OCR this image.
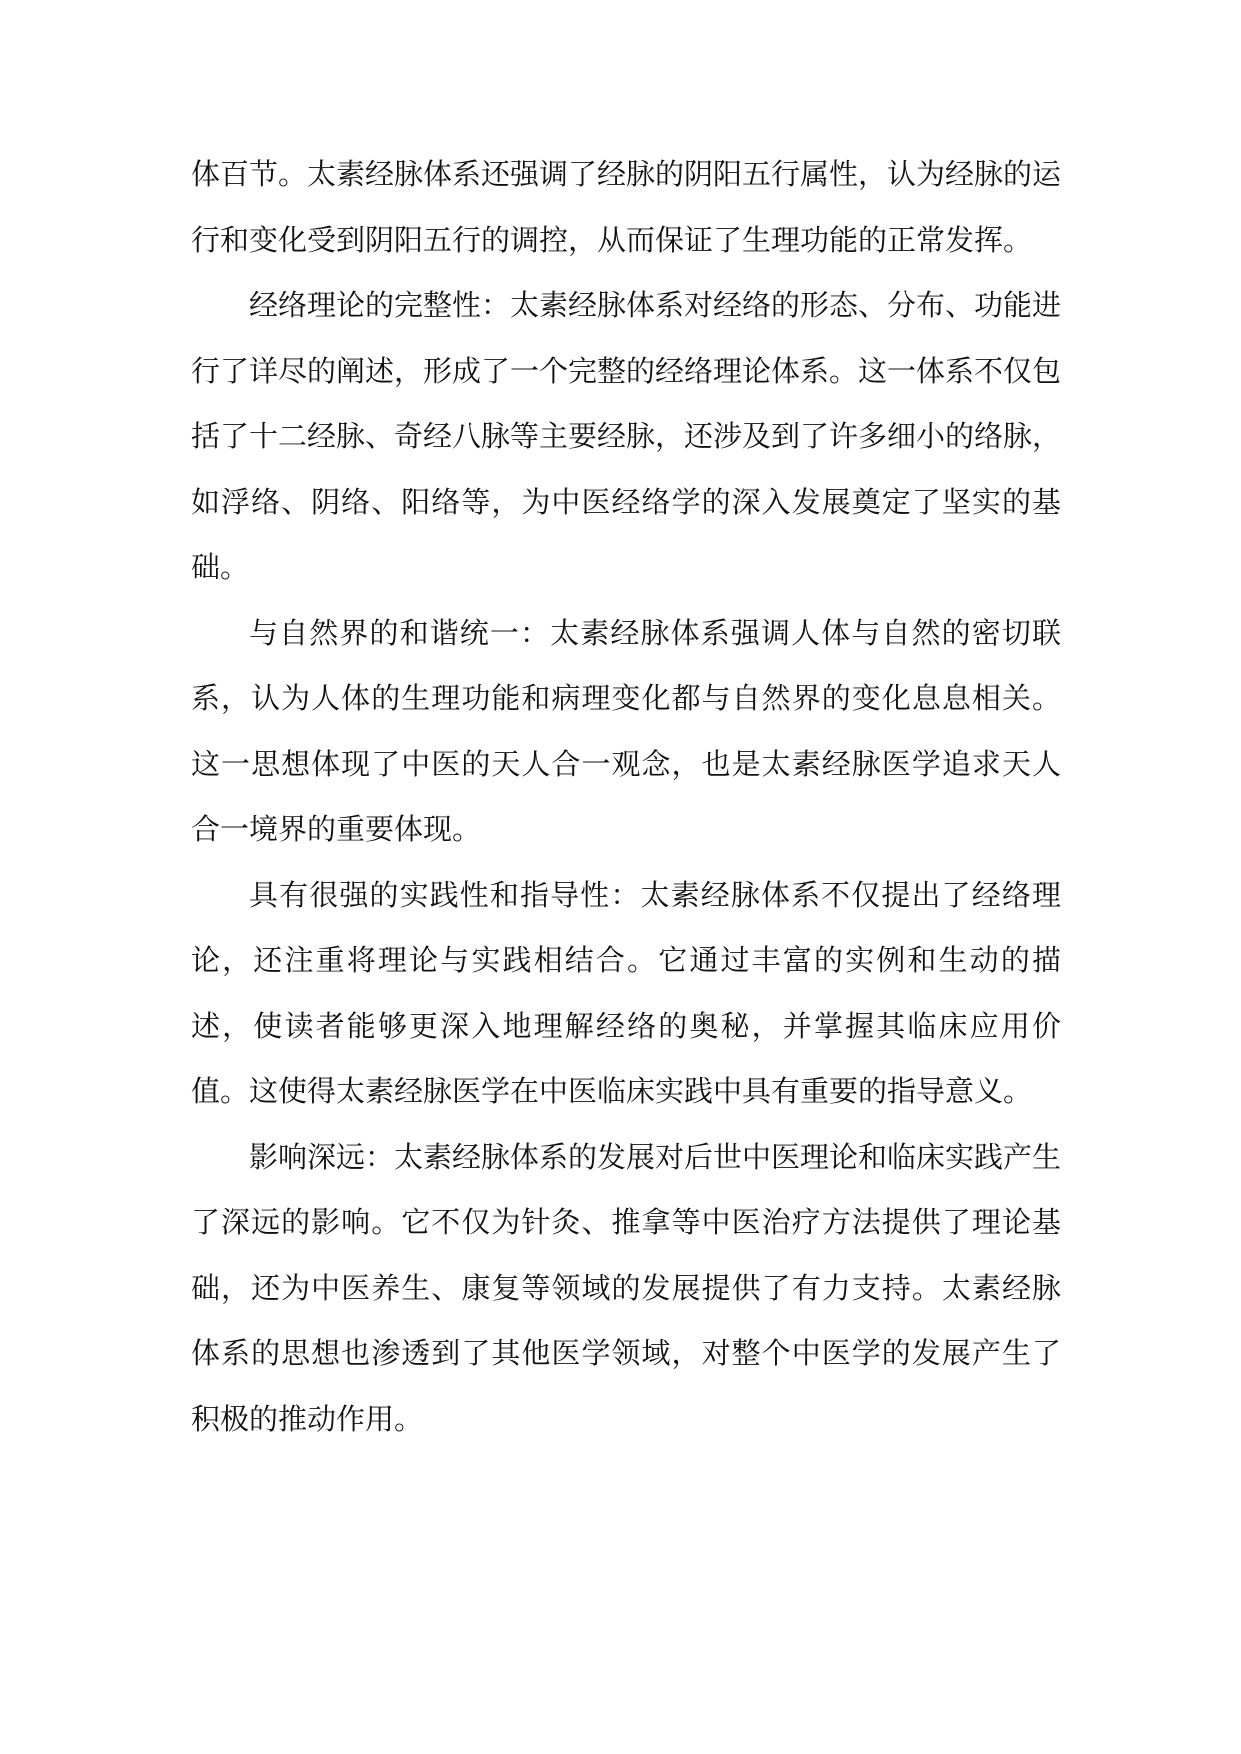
体百节。太素经脉体系还强调了经脉的阴阳五行属性，认为经脉的运行和变化受到阴阳五行的调控，从而保证了生理功能的正常发挥。

经络理论的完整性：太素经脉体系对经络的形态、分布、功能进行了详尽的阐述，形成了一个完整的经络理论体系。这一体系不仅包括了十二经脉、奇经八脉等主要经脉，还涉及到了许多细小的络脉，如浮络、阴络、阳络等，为中医经络学的深入发展奠定了坚实的基础。

与自然界的和谐统一：太素经脉体系强调人体与自然的密切联系，认为人体的生理功能和病理变化都与自然界的变化息息相关。这一思想体现了中医的天人合一观念，也是太素经脉医学追求天人合一境界的重要体现。

具有很强的实践性和指导性：太素经脉体系不仅提出了经络理论，还注重将理论与实践相结合。它通过丰富的实例和生动的描述，使读者能够更深入地理解经络的奥秘，并掌握其临床应用价值。这使得太素经脉医学在中医临床实践中具有重要的指导意义。

影响深远：太素经脉体系的发展对后世中医理论和临床实践产生了深远的影响。它不仅为针灸、推拿等中医治疗方法提供了理论基础，还为中医养生、康复等领域的发展提供了有力支持。太素经脉体系的思想也渗透到了其他医学领域，对整个中医学的发展产生了积极的推动作用。
